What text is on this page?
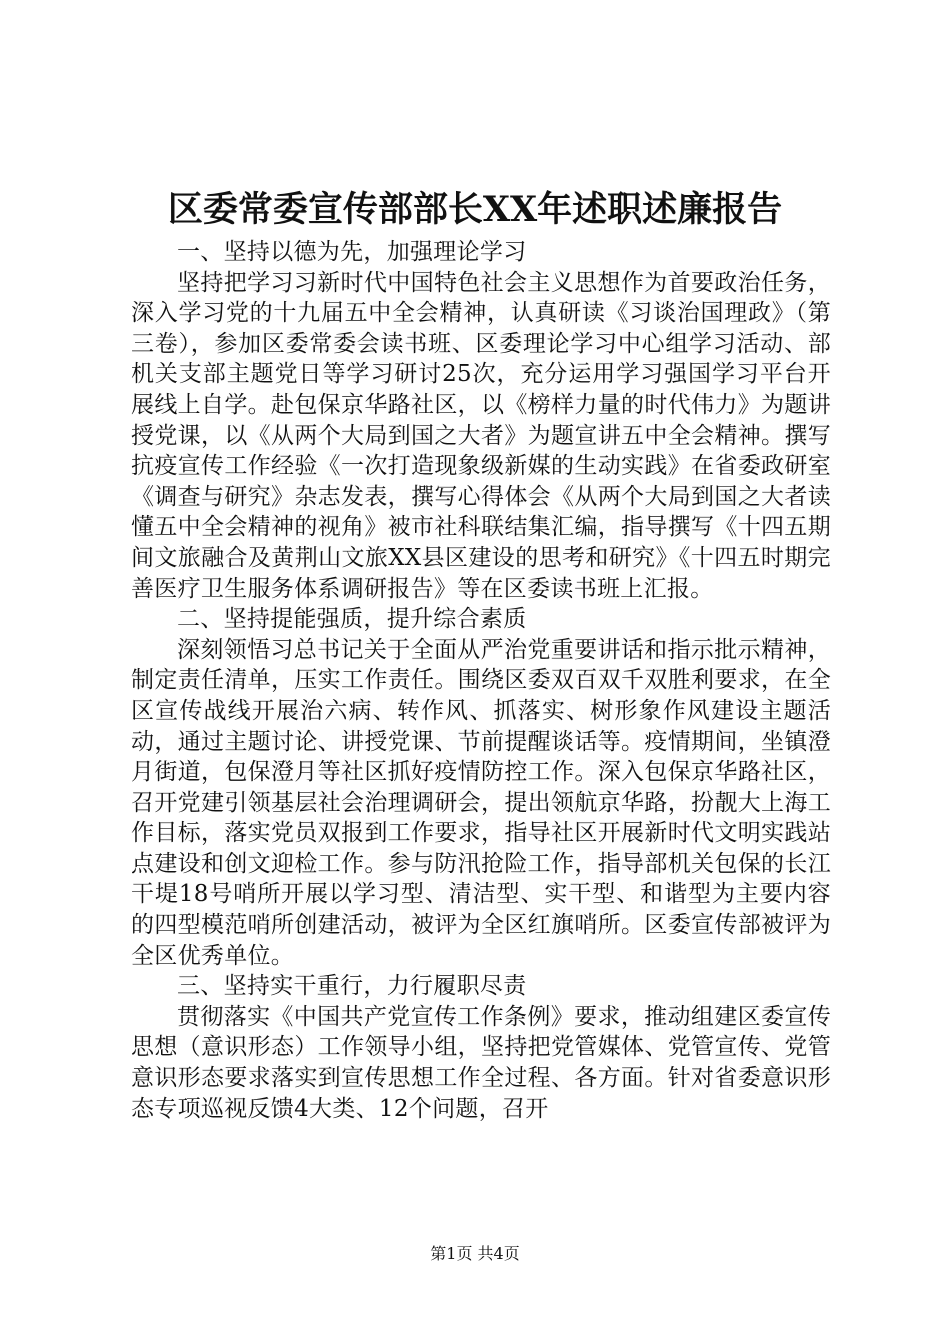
区委常委宣传部部长XX年述职述廉报告

一、坚持以德为先，加强理论学习

坚持把学习习新时代中国特色社会主义思想作为首要政治任务，深入学习党的十九届五中全会精神，认真研读《习谈治国理政》（第三卷），参加区委常委会读书班、区委理论学习中心组学习活动、部机关支部主题党日等学习研讨25次，充分运用学习强国学习平台开展线上自学。赴包保京华路社区，以《榜样力量的时代伟力》为题讲授党课，以《从两个大局到国之大者》为题宣讲五中全会精神。撰写抗疫宣传工作经验《一次打造现象级新媒的生动实践》在省委政研室《调查与研究》杂志发表，撰写心得体会《从两个大局到国之大者读懂五中全会精神的视角》被市社科联结集汇编，指导撰写《十四五期间文旅融合及黄荆山文旅XX县区建设的思考和研究》《十四五时期完善医疗卫生服务体系调研报告》等在区委读书班上汇报。

二、坚持提能强质，提升综合素质

深刻领悟习总书记关于全面从严治党重要讲话和指示批示精神，制定责任清单，压实工作责任。围绕区委双百双千双胜利要求，在全区宣传战线开展治六病、转作风、抓落实、树形象作风建设主题活动，通过主题讨论、讲授党课、节前提醒谈话等。疫情期间，坐镇澄月街道，包保澄月等社区抓好疫情防控工作。深入包保京华路社区，召开党建引领基层社会治理调研会，提出领航京华路，扮靓大上海工作目标，落实党员双报到工作要求，指导社区开展新时代文明实践站点建设和创文迎检工作。参与防汛抢险工作，指导部机关包保的长江干堤18号哨所开展以学习型、清洁型、实干型、和谐型为主要内容的四型模范哨所创建活动，被评为全区红旗哨所。区委宣传部被评为全区优秀单位。

三、坚持实干重行，力行履职尽责

贯彻落实《中国共产党宣传工作条例》要求，推动组建区委宣传思想（意识形态）工作领导小组，坚持把党管媒体、党管宣传、党管意识形态要求落实到宣传思想工作全过程、各方面。针对省委意识形态专项巡视反馈4大类、12个问题，召开

第1页 共4页
